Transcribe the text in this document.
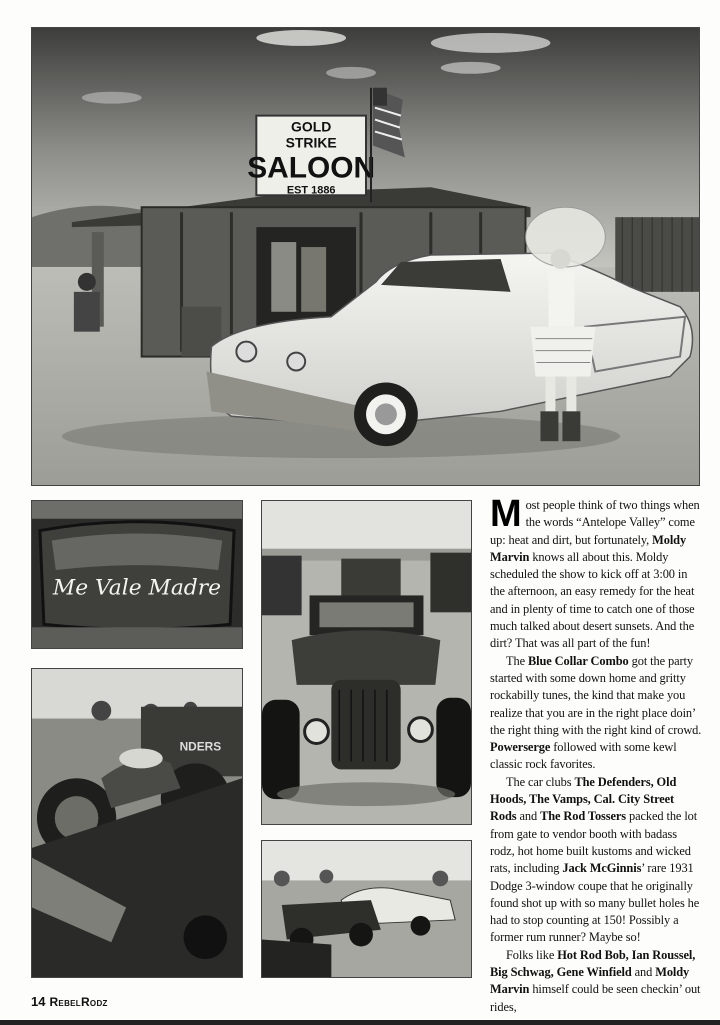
GOLD
STRIKE
SALOON
EST 1886
Me Vale Madre
NDERS

Most people think of two things when the words “Antelope Valley” come up: heat and dirt, but fortunately, Moldy Marvin knows all about this. Moldy scheduled the show to kick off at 3:00 in the afternoon, an easy remedy for the heat and in plenty of time to catch one of those much talked about desert sunsets. And the dirt? That was all part of the fun!

The Blue Collar Combo got the party started with some down home and gritty rockabilly tunes, the kind that make you realize that you are in the right place doin’ the right thing with the right kind of crowd. Powerserge followed with some kewl classic rock favorites.

The car clubs The Defenders, Old Hoods, The Vamps, Cal. City Street Rods and The Rod Tossers packed the lot from gate to vendor booth with badass rodz, hot home built kustoms and wicked rats, including Jack McGinnis’ rare 1931 Dodge 3-window coupe that he originally found shot up with so many bullet holes he had to stop counting at 150! Possibly a former rum runner? Maybe so!

Folks like Hot Rod Bob, Ian Roussel, Big Schwag, Gene Winfield and Moldy Marvin himself could be seen checkin’ out rides,

14 RebelRodz
